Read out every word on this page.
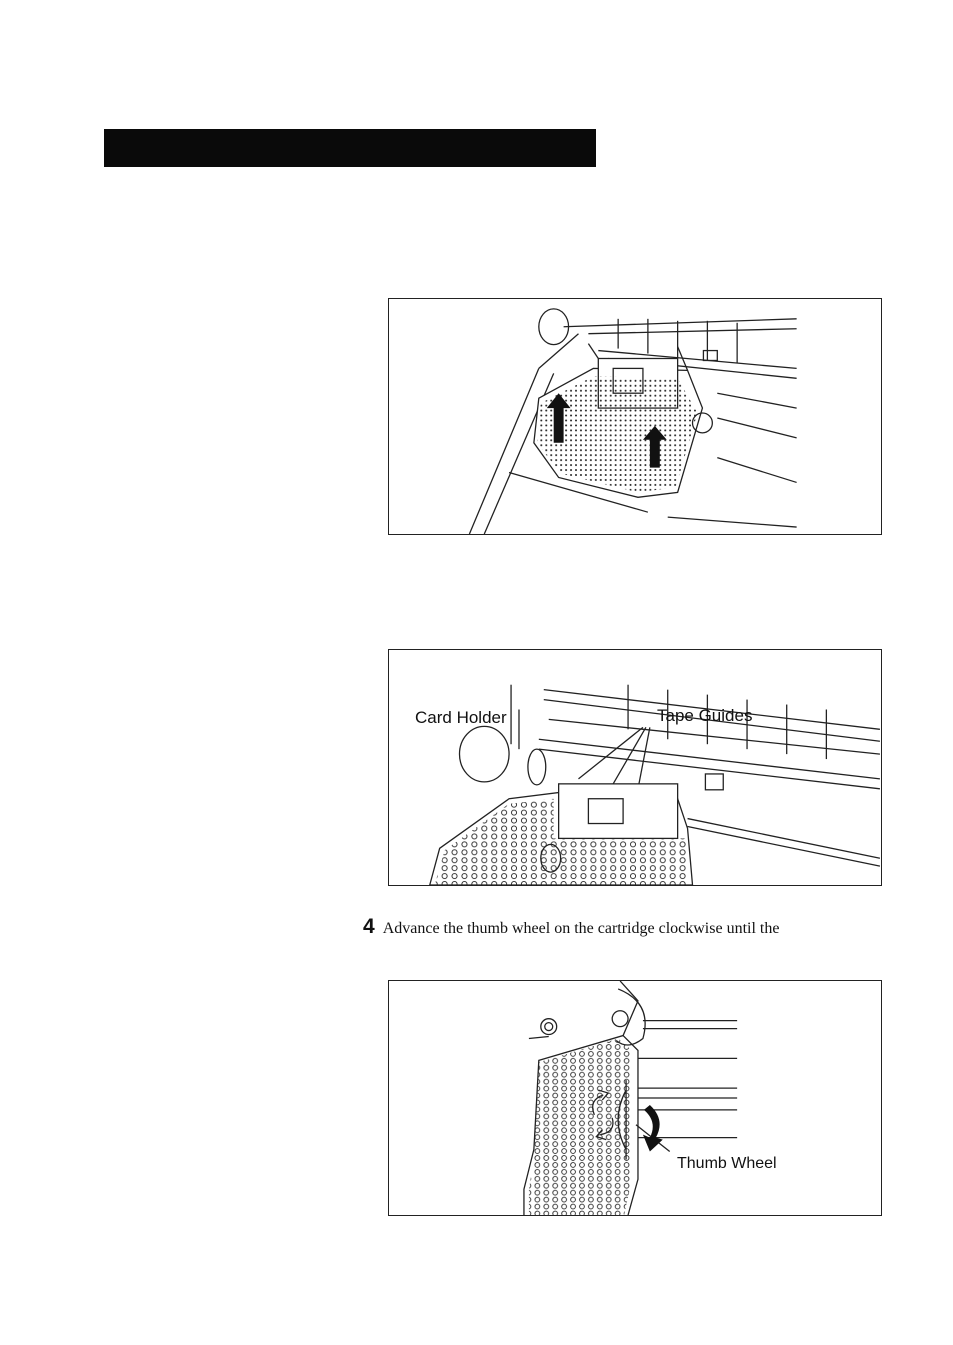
Card Holder	Tape Guides
4 Advance the thumb wheel on the cartridge clockwise until the
Thumb Wheel
